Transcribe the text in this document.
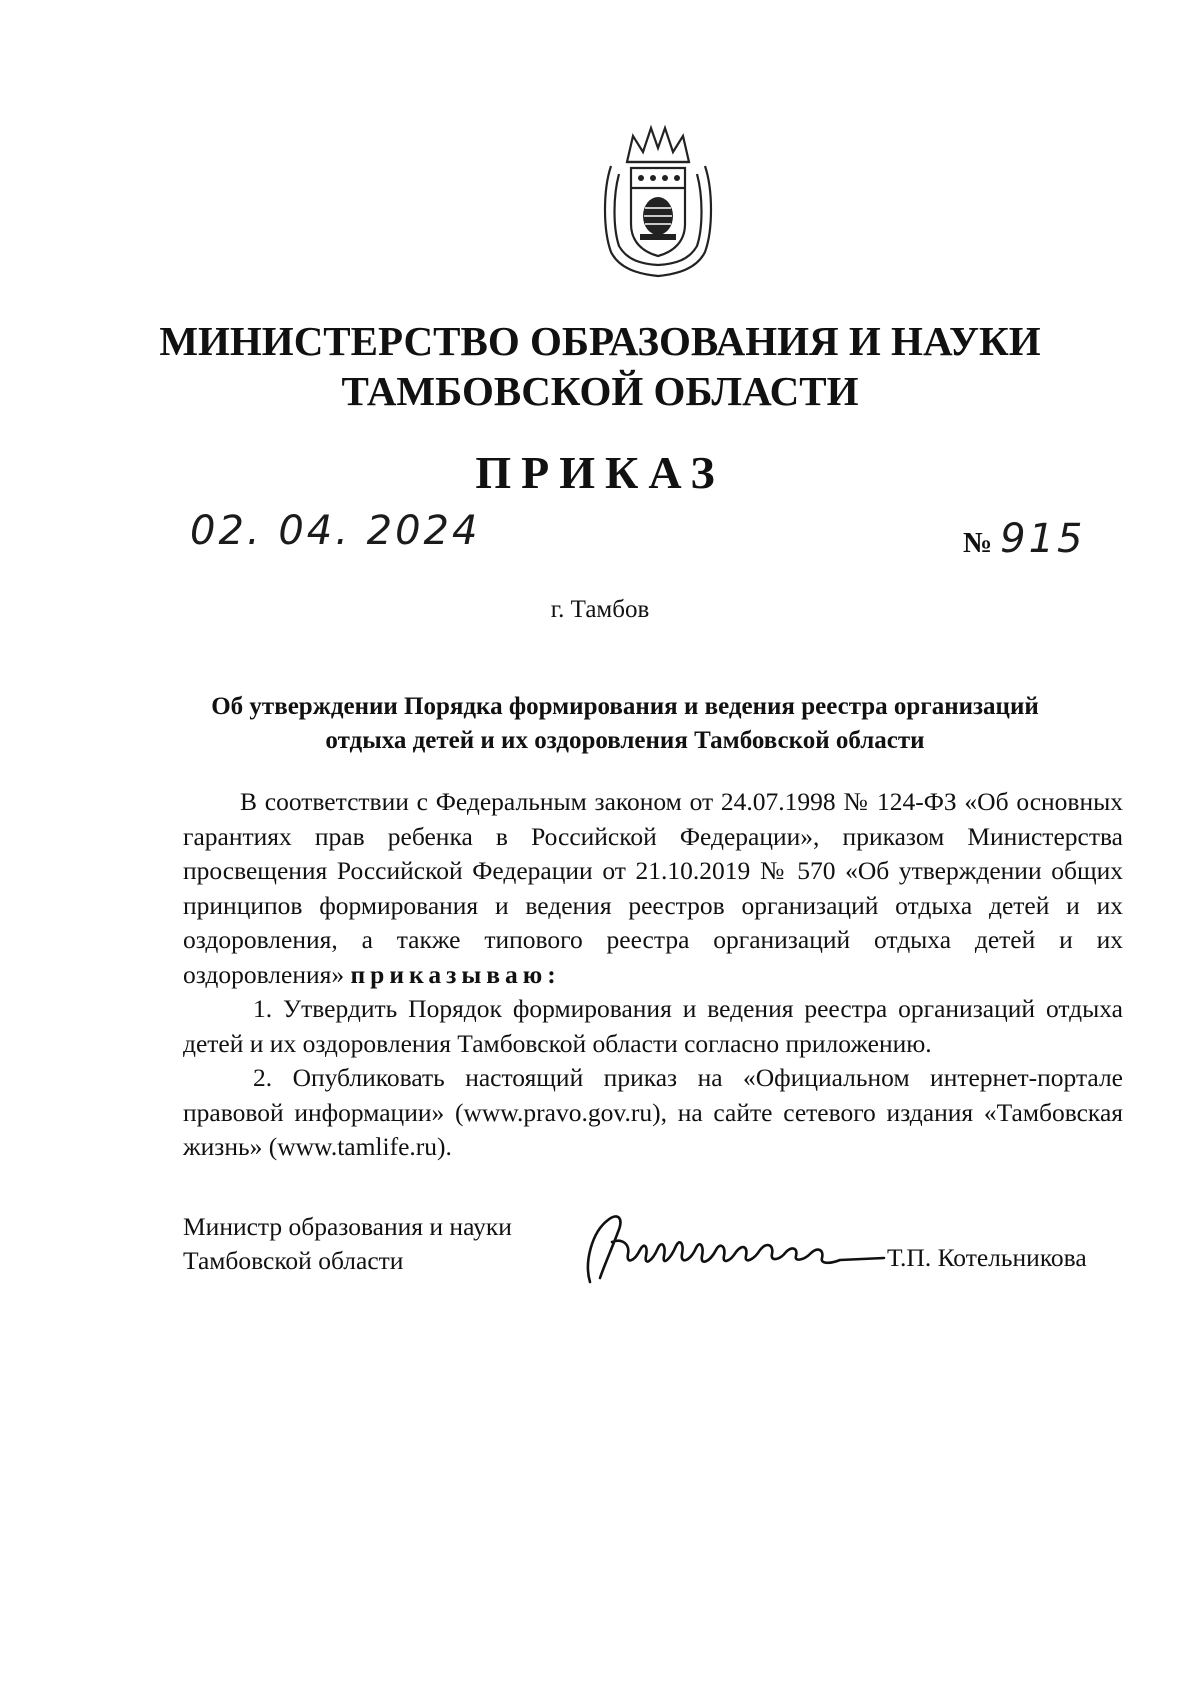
МИНИСТЕРСТВО ОБРАЗОВАНИЯ И НАУКИ
ТАМБОВСКОЙ ОБЛАСТИ
ПРИКАЗ
02. 04. 2024	№ 915
г. Тамбов
Об утверждении Порядка формирования и ведения реестра организаций
отдыха детей и их оздоровления Тамбовской области

В соответствии с Федеральным законом от 24.07.1998 № 124-ФЗ «Об основных гарантиях прав ребенка в Российской Федерации», приказом Министерства просвещения Российской Федерации от 21.10.2019 № 570 «Об утверждении общих принципов формирования и ведения реестров организаций отдыха детей и их оздоровления, а также типового реестра организаций отдыха детей и их оздоровления» приказываю:

1. Утвердить Порядок формирования и ведения реестра организаций отдыха детей и их оздоровления Тамбовской области согласно приложению.

2. Опубликовать настоящий приказ на «Официальном интернет-портале правовой информации» (www.pravo.gov.ru), на сайте сетевого издания «Тамбовская жизнь» (www.tamlife.ru).

Министр образования и науки
Тамбовской области	Т.П. Котельникова
